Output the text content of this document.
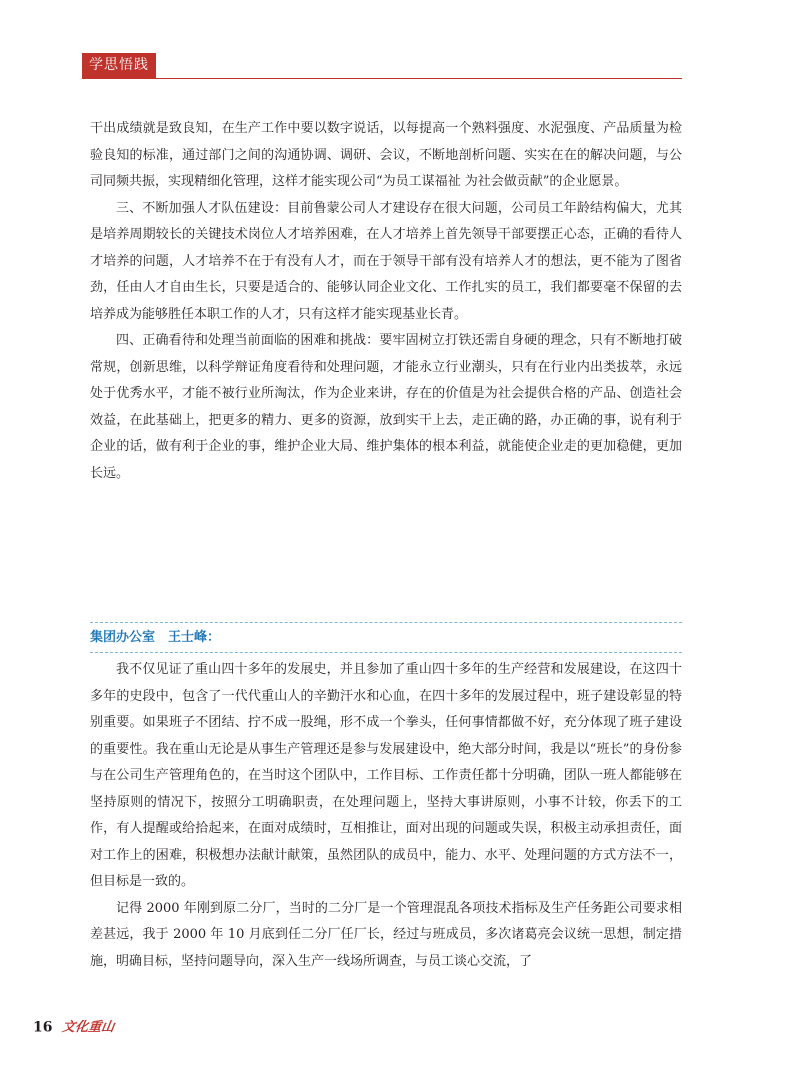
学思悟践

干出成绩就是致良知，在生产工作中要以数字说话，以每提高一个熟料强度、水泥强度、产品质量为检验良知的标准，通过部门之间的沟通协调、调研、会议，不断地剖析问题、实实在在的解决问题，与公司同频共振，实现精细化管理，这样才能实现公司“为员工谋福祉 为社会做贡献”的企业愿景。

三、不断加强人才队伍建设：目前鲁蒙公司人才建设存在很大问题，公司员工年龄结构偏大，尤其是培养周期较长的关键技术岗位人才培养困难，在人才培养上首先领导干部要摆正心态，正确的看待人才培养的问题，人才培养不在于有没有人才，而在于领导干部有没有培养人才的想法，更不能为了图省劲，任由人才自由生长，只要是适合的、能够认同企业文化、工作扎实的员工，我们都要毫不保留的去培养成为能够胜任本职工作的人才，只有这样才能实现基业长青。

四、正确看待和处理当前面临的困难和挑战：要牢固树立打铁还需自身硬的理念，只有不断地打破常规，创新思维，以科学辩证角度看待和处理问题，才能永立行业潮头，只有在行业内出类拔萃，永远处于优秀水平，才能不被行业所淘汰，作为企业来讲，存在的价值是为社会提供合格的产品、创造社会效益，在此基础上，把更多的精力、更多的资源，放到实干上去，走正确的路，办正确的事，说有利于企业的话，做有利于企业的事，维护企业大局、维护集体的根本利益，就能使企业走的更加稳健，更加长远。

集团办公室　王士峰：

我不仅见证了重山四十多年的发展史，并且参加了重山四十多年的生产经营和发展建设，在这四十多年的史段中，包含了一代代重山人的辛勤汗水和心血，在四十多年的发展过程中，班子建设彰显的特别重要。如果班子不团结、拧不成一股绳，形不成一个拳头，任何事情都做不好，充分体现了班子建设的重要性。我在重山无论是从事生产管理还是参与发展建设中，绝大部分时间，我是以“班长”的身份参与在公司生产管理角色的，在当时这个团队中，工作目标、工作责任都十分明确，团队一班人都能够在坚持原则的情况下，按照分工明确职责，在处理问题上，坚持大事讲原则，小事不计较，你丢下的工作，有人提醒或给拾起来，在面对成绩时，互相推让，面对出现的问题或失误，积极主动承担责任，面对工作上的困难，积极想办法献计献策，虽然团队的成员中，能力、水平、处理问题的方式方法不一，但目标是一致的。

记得 2000 年刚到原二分厂，当时的二分厂是一个管理混乱各项技术指标及生产任务距公司要求相差甚远，我于 2000 年 10 月底到任二分厂任厂长，经过与班成员，多次诸葛亮会议统一思想，制定措施，明确目标，坚持问题导向，深入生产一线场所调查，与员工谈心交流，了

16 文化重山
